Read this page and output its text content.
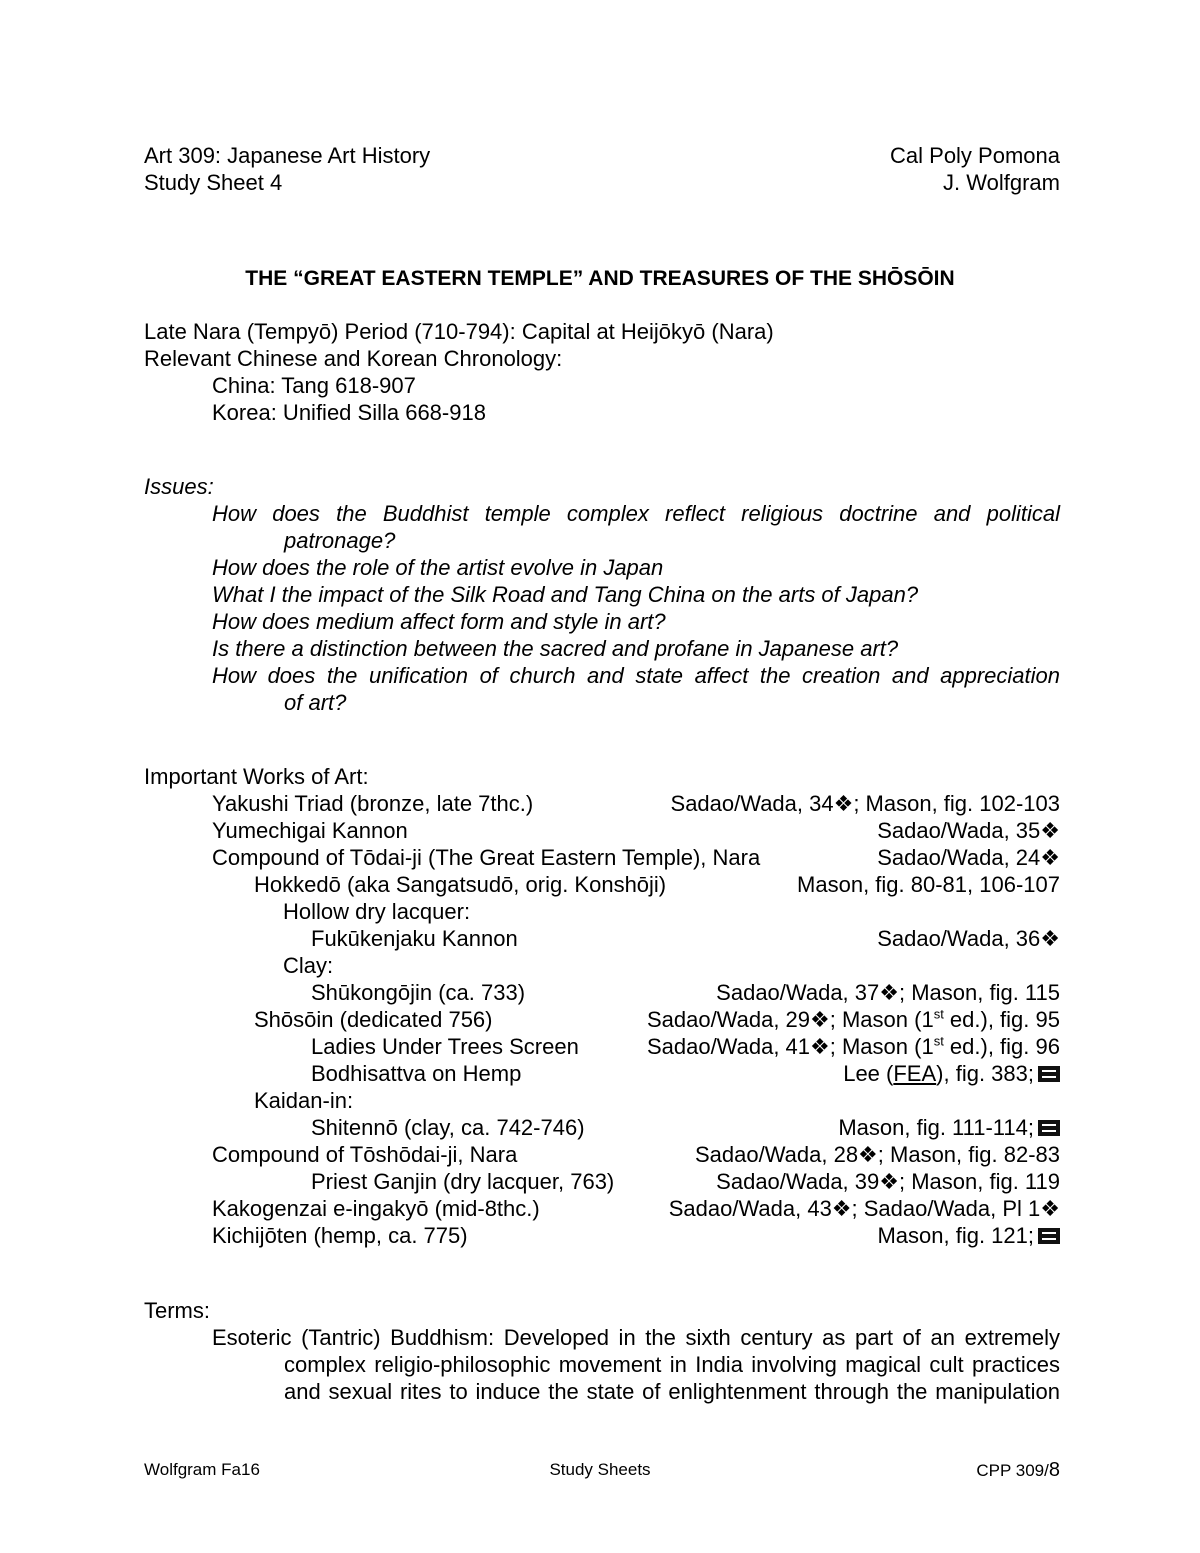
Art 309: Japanese Art History
Study Sheet 4
Cal Poly Pomona
J. Wolfgram
THE “GREAT EASTERN TEMPLE” AND TREASURES OF THE SHŌSŌIN
Late Nara (Tempyō) Period (710-794): Capital at Heijōkyō (Nara)
Relevant Chinese and Korean Chronology:
China: Tang 618-907
Korea: Unified Silla 668-918
Issues:
How does the Buddhist temple complex reflect religious doctrine and political
patronage?
How does the role of the artist evolve in Japan
What I the impact of the Silk Road and Tang China on the arts of Japan?
How does medium affect form and style in art?
Is there a distinction between the sacred and profane in Japanese art?
How does the unification of church and state affect the creation and appreciation
of art?
Important Works of Art:
Yakushi Triad (bronze, late 7thc.)	Sadao/Wada, 34❖; Mason, fig. 102-103
Yumechigai Kannon	Sadao/Wada, 35❖
Compound of Tōdai-ji (The Great Eastern Temple), Nara	Sadao/Wada, 24❖
Hokkedō (aka Sangatsudō, orig. Konshōji)	Mason, fig. 80-81, 106-107
Hollow dry lacquer:
Fukūkenjaku Kannon	Sadao/Wada, 36❖
Clay:
Shūkongōjin (ca. 733)	Sadao/Wada, 37❖; Mason, fig. 115
Shōsōin (dedicated 756)	Sadao/Wada, 29❖; Mason (1st ed.), fig. 95
Ladies Under Trees Screen	Sadao/Wada, 41❖; Mason (1st ed.), fig. 96
Bodhisattva on Hemp	Lee (FEA), fig. 383;
Kaidan-in:
Shitennō (clay, ca. 742-746)	Mason, fig. 111-114;
Compound of Tōshōdai-ji, Nara	Sadao/Wada, 28❖; Mason, fig. 82-83
Priest Ganjin (dry lacquer, 763)	Sadao/Wada, 39❖; Mason, fig. 119
Kakogenzai e-ingakyō (mid-8thc.)	Sadao/Wada, 43❖; Sadao/Wada, Pl 1❖
Kichijōten (hemp, ca. 775)	Mason, fig. 121;
Terms:
Esoteric (Tantric) Buddhism: Developed in the sixth century as part of an extremely
complex religio-philosophic movement in India involving magical cult practices
and sexual rites to induce the state of enlightenment through the manipulation
Wolfgram Fa16	Study Sheets	CPP 309/8
